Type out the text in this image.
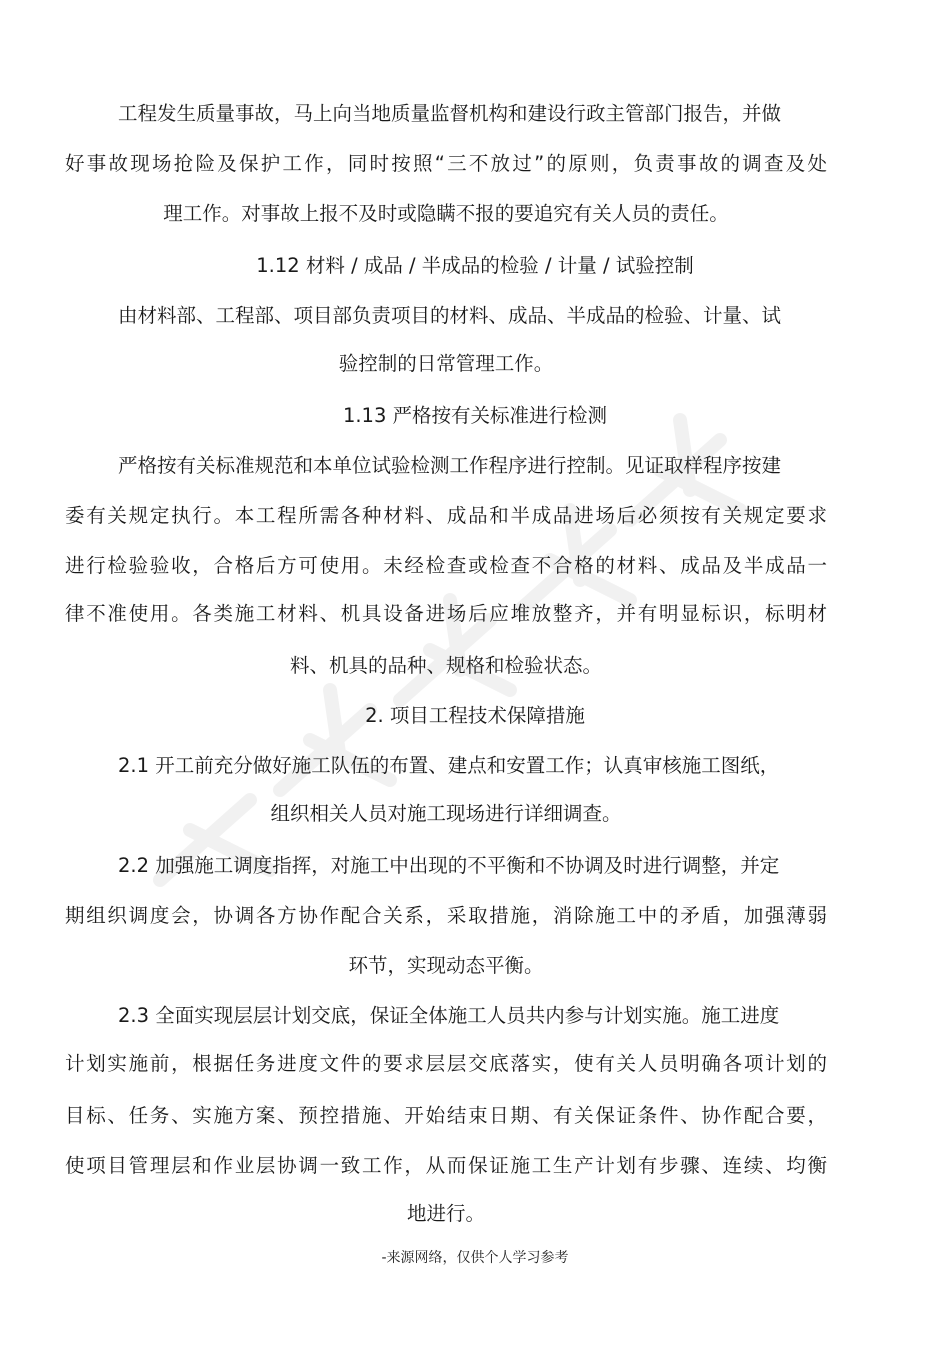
工程发生质量事故，马上向当地质量监督机构和建设行政主管部门报告，并做
好事故现场抢险及保护工作，同时按照“三不放过”的原则，负责事故的调查及处
理工作。对事故上报不及时或隐瞒不报的要追究有关人员的责任。
1.12 材料 / 成品 / 半成品的检验 / 计量 / 试验控制
由材料部、工程部、项目部负责项目的材料、成品、半成品的检验、计量、试
验控制的日常管理工作。
1.13 严格按有关标准进行检测
严格按有关标准规范和本单位试验检测工作程序进行控制。见证取样程序按建
委有关规定执行。本工程所需各种材料、成品和半成品进场后必须按有关规定要求
进行检验验收，合格后方可使用。未经检查或检查不合格的材料、成品及半成品一
律不准使用。各类施工材料、机具设备进场后应堆放整齐，并有明显标识，标明材
料、机具的品种、规格和检验状态。
2. 项目工程技术保障措施
2.1 开工前充分做好施工队伍的布置、建点和安置工作；认真审核施工图纸，
组织相关人员对施工现场进行详细调查。
2.2 加强施工调度指挥，对施工中出现的不平衡和不协调及时进行调整，并定
期组织调度会，协调各方协作配合关系，采取措施，消除施工中的矛盾，加强薄弱
环节，实现动态平衡。
2.3 全面实现层层计划交底，保证全体施工人员共内参与计划实施。施工进度
计划实施前，根据任务进度文件的要求层层交底落实，使有关人员明确各项计划的
目标、任务、实施方案、预控措施、开始结束日期、有关保证条件、协作配合要，
使项目管理层和作业层协调一致工作，从而保证施工生产计划有步骤、连续、均衡
地进行。
-来源网络，仅供个人学习参考
